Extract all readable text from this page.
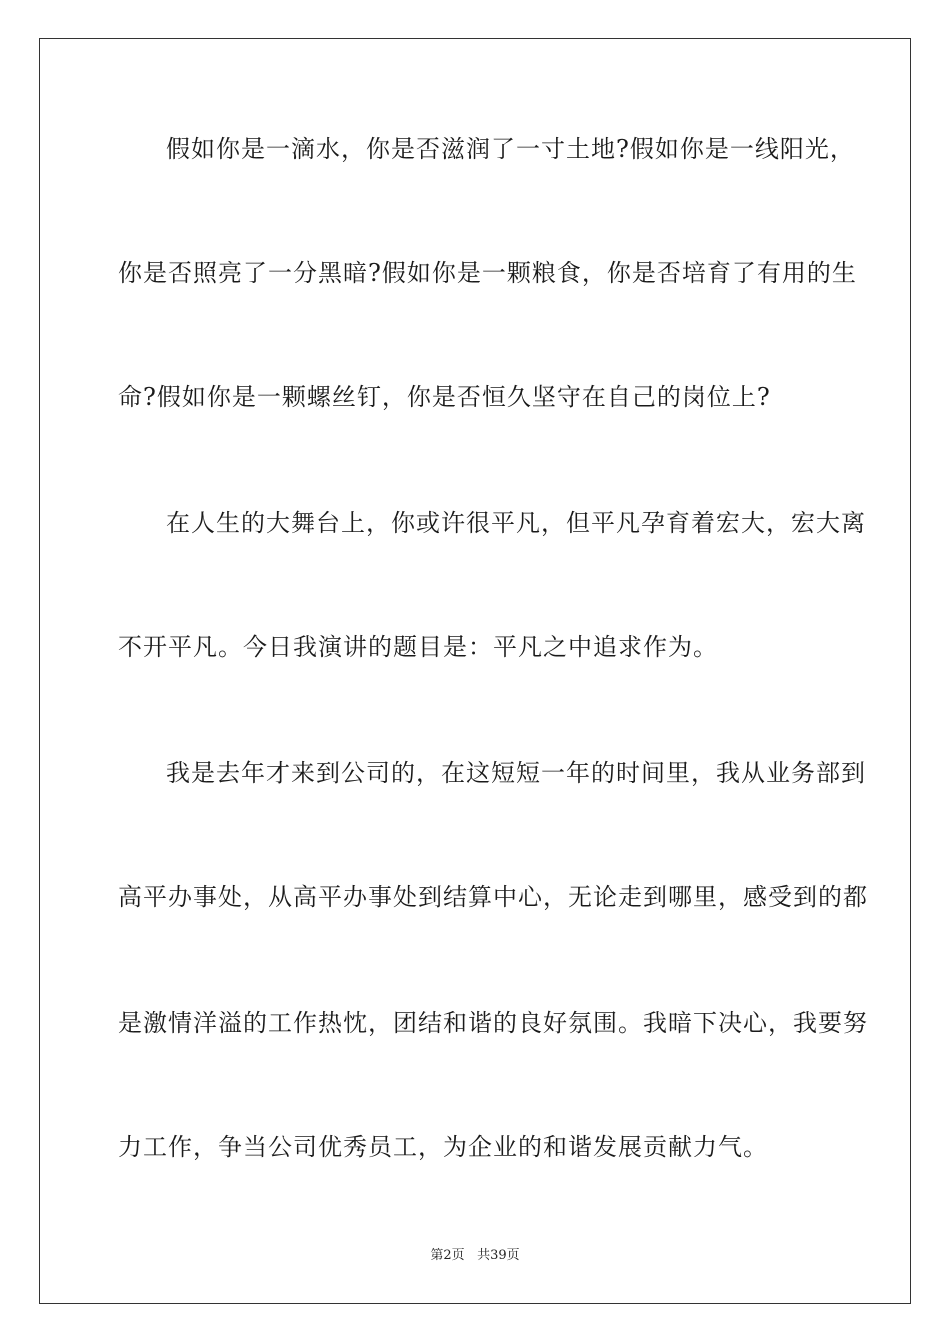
假如你是一滴水，你是否滋润了一寸土地?假如你是一线阳光，
你是否照亮了一分黑暗?假如你是一颗粮食，你是否培育了有用的生
命?假如你是一颗螺丝钉，你是否恒久坚守在自己的岗位上?
在人生的大舞台上，你或许很平凡，但平凡孕育着宏大，宏大离
不开平凡。今日我演讲的题目是：平凡之中追求作为。
我是去年才来到公司的，在这短短一年的时间里，我从业务部到
高平办事处，从高平办事处到结算中心，无论走到哪里，感受到的都
是激情洋溢的工作热忱，团结和谐的良好氛围。我暗下决心，我要努
力工作，争当公司优秀员工，为企业的和谐发展贡献力气。
第2页 共39页
